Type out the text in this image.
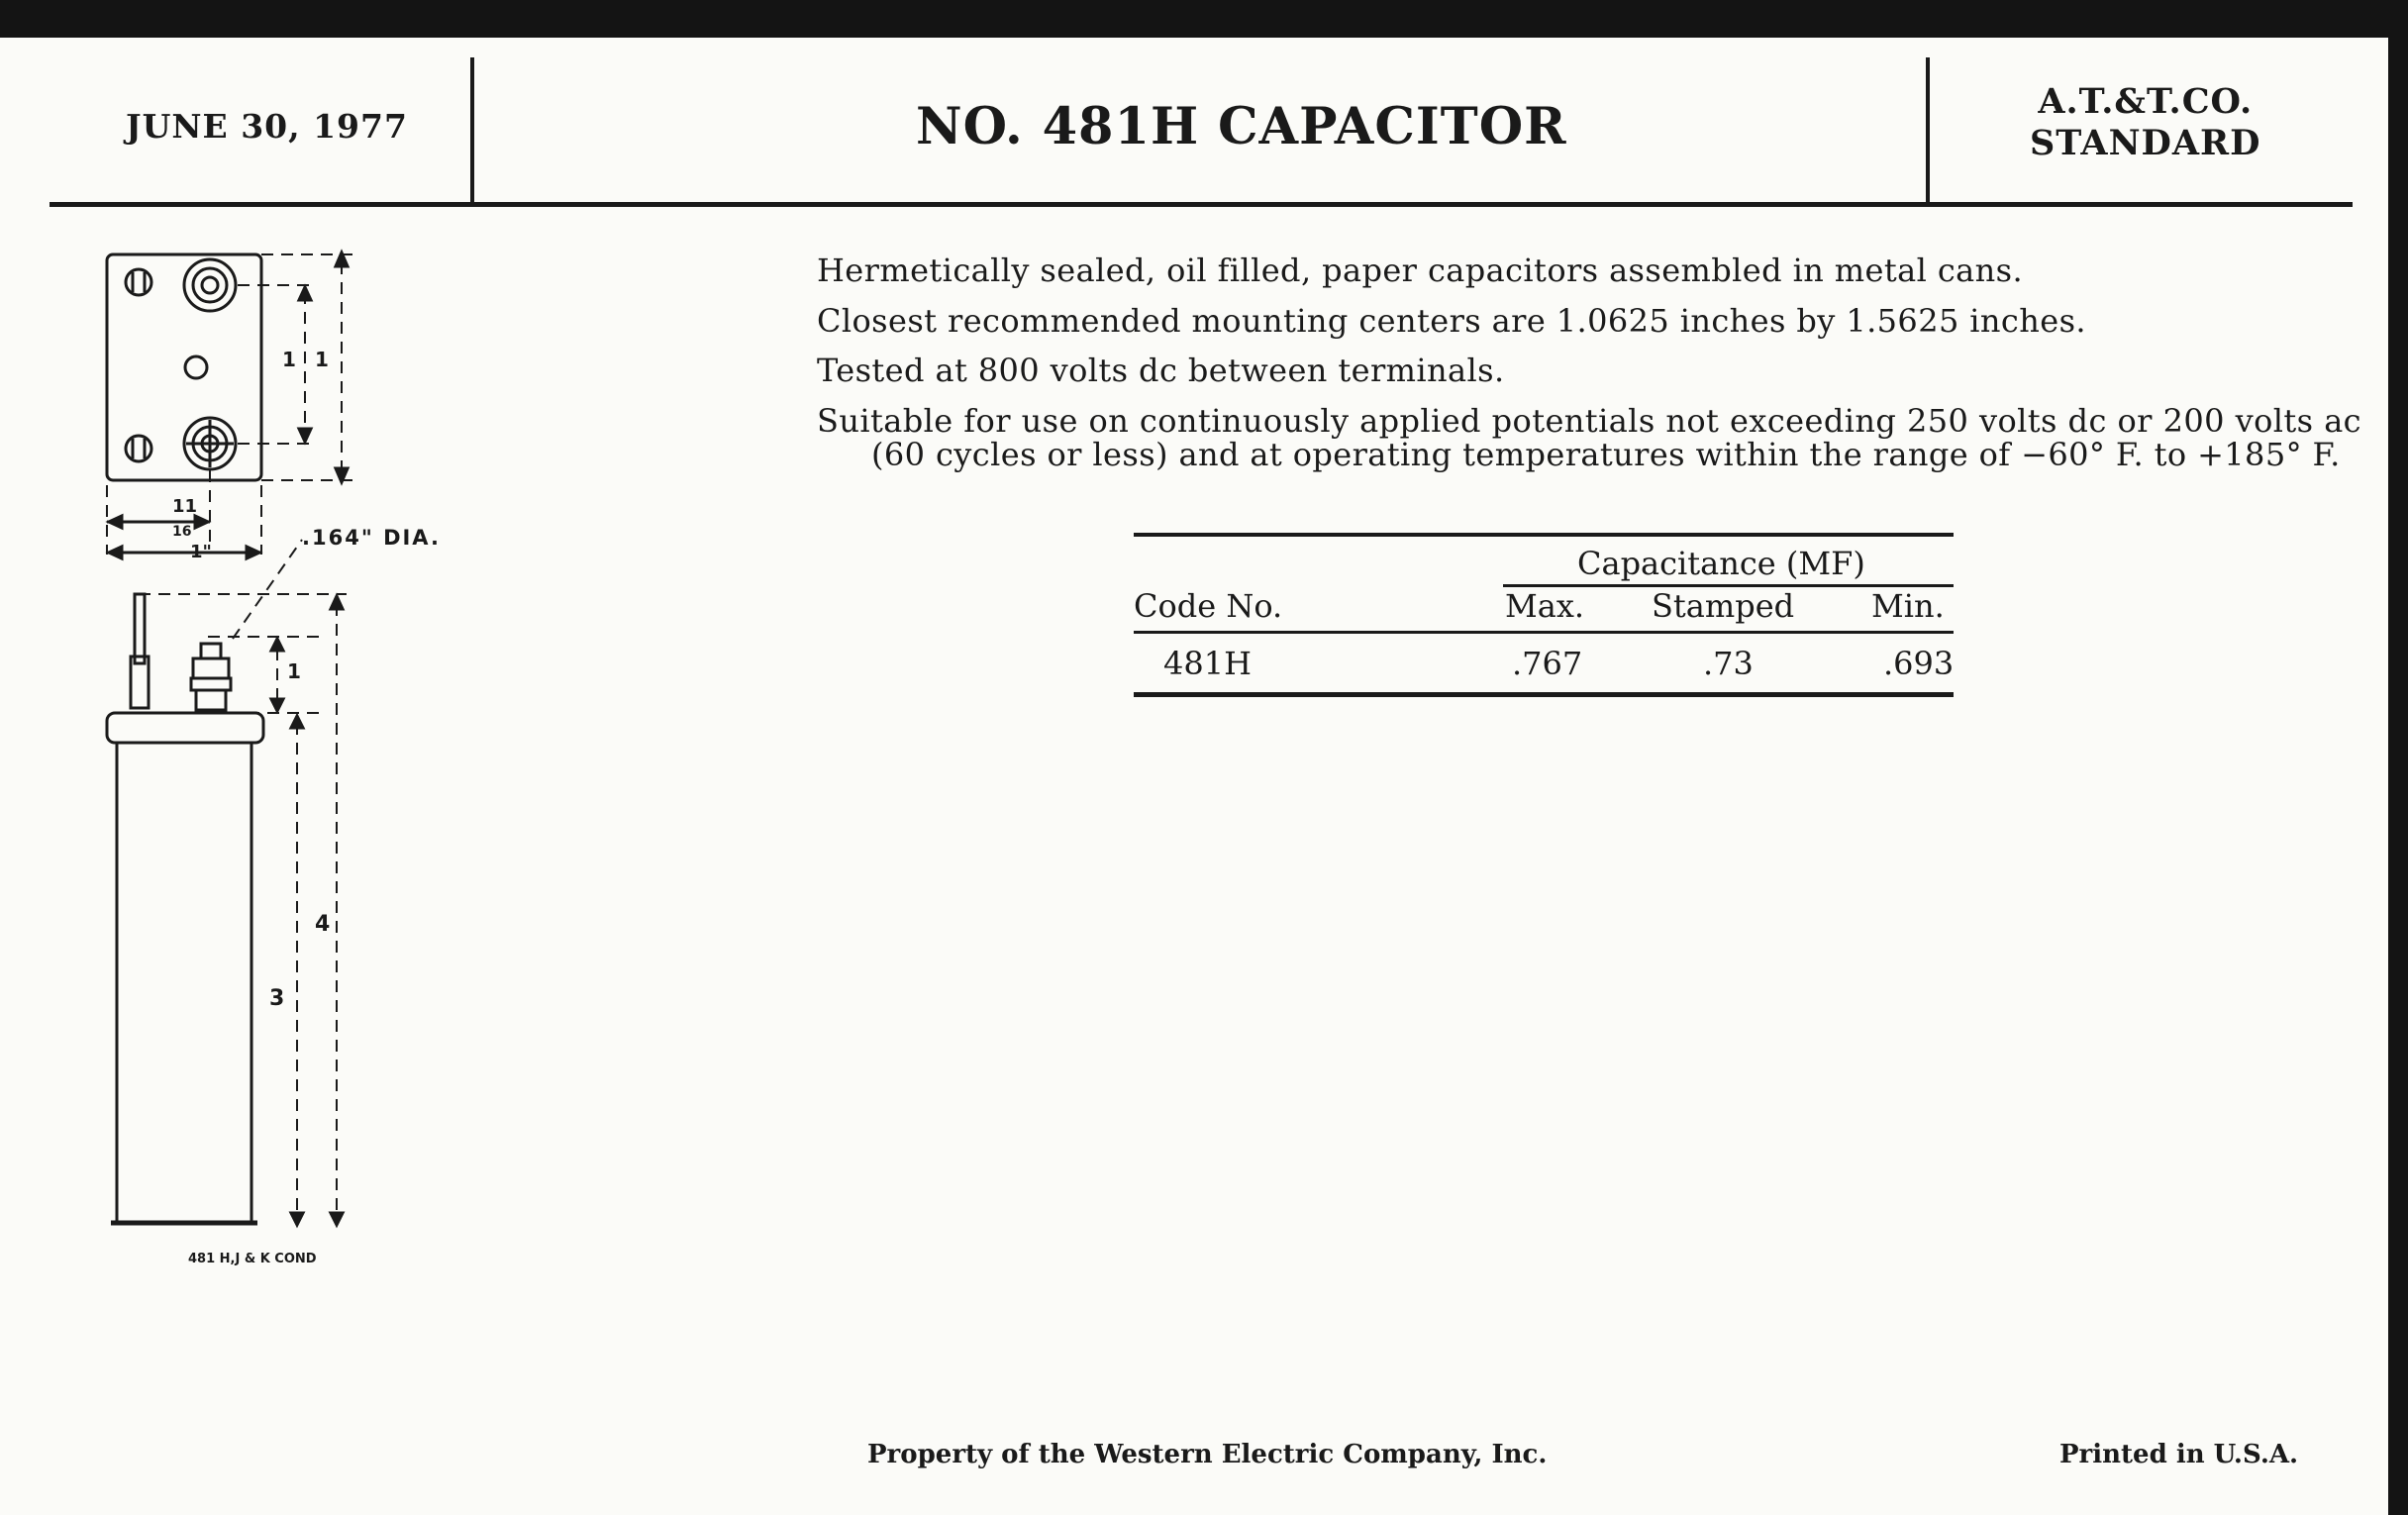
JUNE 30, 1977	NO. 481H CAPACITOR	A.T.&T.CO.
STANDARD
Hermetically sealed, oil filled, paper capacitors assembled in metal cans.
Closest recommended mounting centers are 1.0625 inches by 1.5625 inches.
Tested at 800 volts dc between terminals.
Suitable for use on continuously applied potentials not exceeding 250 volts dc or 200 volts ac (60 cycles or less) and at operating temperatures within the range of −60° F. to +185° F.
Capacitance (MF)
Code No.	Max. Stamped Min.
481H	.767	.73	.693
1 1
11
16
1"
.164" DIA.
1
3
4
481 H,J & K COND
Property of the Western Electric Company, Inc.	Printed in U.S.A.
